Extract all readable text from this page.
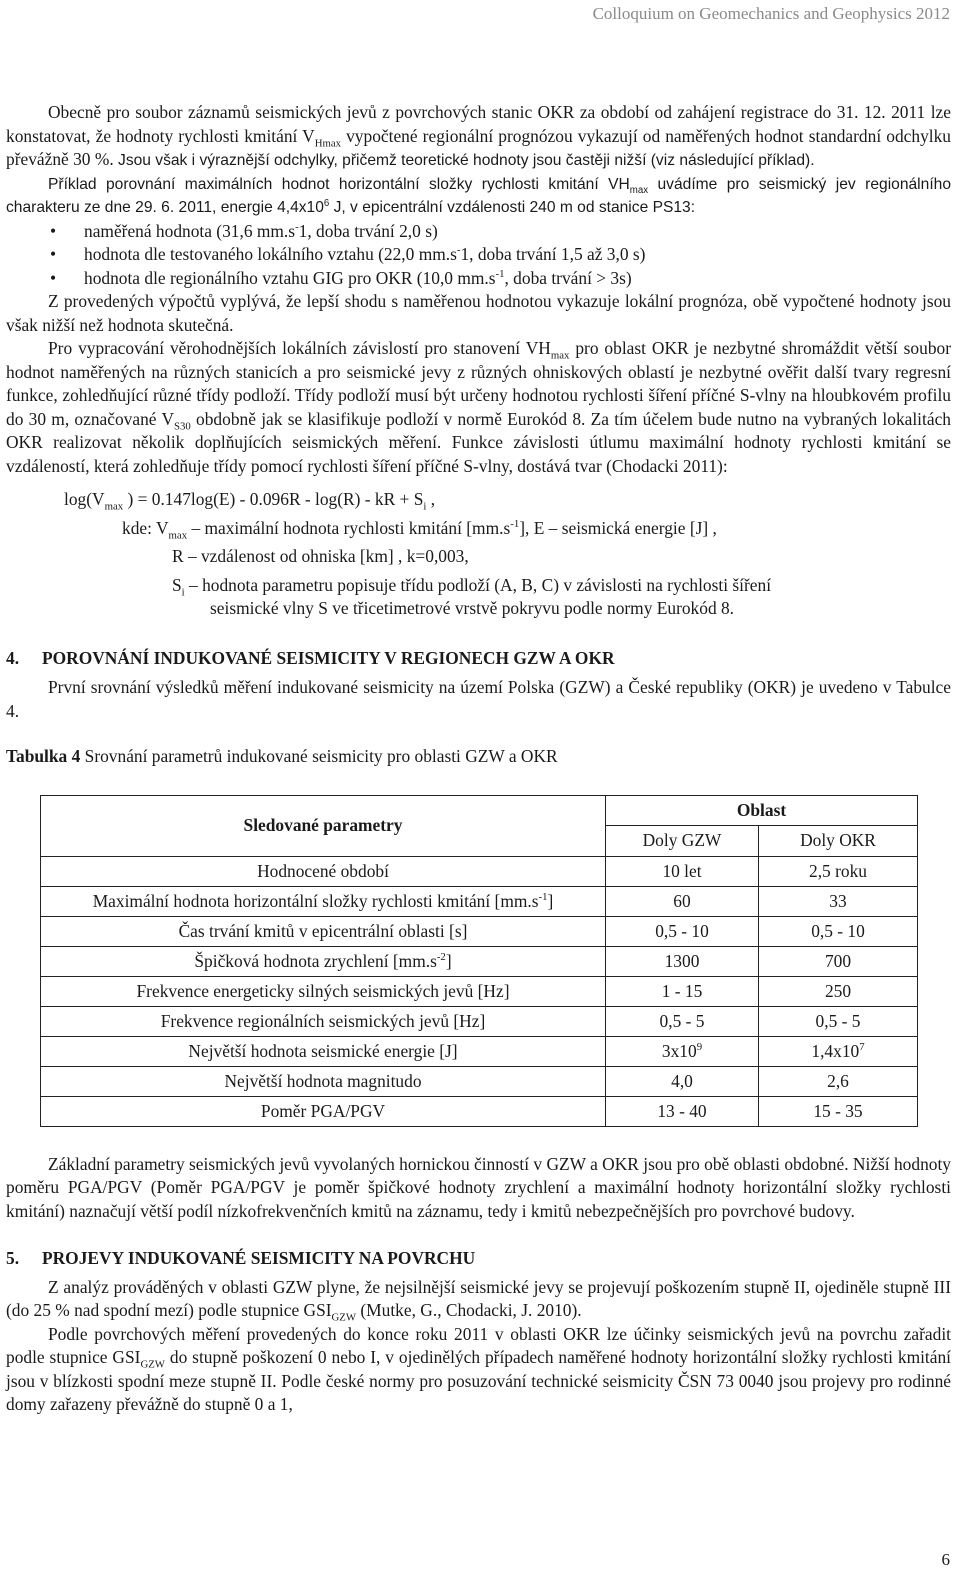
Colloquium on Geomechanics and Geophysics 2012

Obecně pro soubor záznamů seismických jevů z povrchových stanic OKR za období od zahájení registrace do 31. 12. 2011 lze konstatovat, že hodnoty rychlosti kmitání $V_{Hmax}$ vypočtené regionální prognózou vykazují od naměřených hodnot standardní odchylku převážně 30 %. Jsou však i výraznější odchylky, přičemž teoretické hodnoty jsou častěji nižší (viz následující příklad).

Příklad porovnání maximálních hodnot horizontální složky rychlosti kmitání $VH_{max}$ uvádíme pro seismický jev regionálního charakteru ze dne 29. 6. 2011, energie $4,4x10^6$ J, v epicentrální vzdálenosti 240 m od stanice PS13:

• naměřená hodnota (31,6 mm.s-1, doba trvání 2,0 s)
• hodnota dle testovaného lokálního vztahu (22,0 mm.s-1, doba trvání 1,5 až 3,0 s)
• hodnota dle regionálního vztahu GIG pro OKR (10,0 $mm.s^{-1}$, doba trvání > 3s)

Z provedených výpočtů vyplývá, že lepší shodu s naměřenou hodnotou vykazuje lokální prognóza, obě vypočtené hodnoty jsou však nižší než hodnota skutečná.

Pro vypracování věrohodnějších lokálních závislostí pro stanovení $VH_{max}$ pro oblast OKR je nezbytné shromáždit větší soubor hodnot naměřených na různých stanicích a pro seismické jevy z různých ohniskových oblastí je nezbytné ověřit další tvary regresní funkce, zohledňující různé třídy podloží. Třídy podloží musí být určeny hodnotou rychlosti šíření příčné S-vlny na hloubkovém profilu do 30 m, označované $V_{S30}$ obdobně jak se klasifikuje podloží v normě Eurokód 8. Za tím účelem bude nutno na vybraných lokalitách OKR realizovat několik doplňujících seismických měření. Funkce závislosti útlumu maximální hodnoty rychlosti kmitání se vzdáleností, která zohledňuje třídy pomocí rychlosti šíření příčné S-vlny, dostává tvar (Chodacki 2011):

$\log(V_{max}$ ) = 0.147log(E) - 0.096R - log(R) - kR + $S_i$ ,
kde: $V_{max}$ – maximální hodnota rychlosti kmitání $[mm.s^{-1}]$, E – seismická energie [J] ,
R – vzdálenost od ohniska [km] , k=0,003,
$S_i$ – hodnota parametru popisuje třídu podloží (A, B, C) v závislosti na rychlosti šíření
seismické vlny S ve třicetimetrové vrstvě pokryvu podle normy Eurokód 8.
4. POROVNÁNÍ INDUKOVANÉ SEISMICITY V REGIONECH GZW A OKR

První srovnání výsledků měření indukované seismicity na území Polska (GZW) a České republiky (OKR) je uvedeno v Tabulce 4.

Tabulka 4 Srovnání parametrů indukované seismicity pro oblasti GZW a OKR
Sledované parametry	Oblast	
	Doly GZW	Doly OKR
Hodnocené období	10 let	2,5 roku
Maximální hodnota horizontální složky rychlosti kmitání $[mm.s^{-1}]$	60	33
Čas trvání kmitů v epicentrální oblasti [s]	0,5 - 10	0,5 - 10
Špičková hodnota zrychlení $[mm.s^{-2}]$	1300	700
Frekvence energeticky silných seismických jevů [Hz]	1 - 15	250
Frekvence regionálních seismických jevů [Hz]	0,5 - 5	0,5 - 5
Největší hodnota seismické energie [J]	$3x10^9$	$1,4x10^7$
Největší hodnota magnitudo	4,0	2,6
Poměr PGA/PGV	13 - 40	15 - 35

Základní parametry seismických jevů vyvolaných hornickou činností v GZW a OKR jsou pro obě oblasti obdobné. Nižší hodnoty poměru PGA/PGV (Poměr PGA/PGV je poměr špičkové hodnoty zrychlení a maximální hodnoty horizontální složky rychlosti kmitání) naznačují větší podíl nízkofrekvenčních kmitů na záznamu, tedy i kmitů nebezpečnějších pro povrchové budovy.

5. PROJEVY INDUKOVANÉ SEISMICITY NA POVRCHU

Z analýz prováděných v oblasti GZW plyne, že nejsilnější seismické jevy se projevují poškozením stupně II, ojediněle stupně III (do 25 % nad spodní mezí) podle stupnice $GSI_{GZW}$ (Mutke, G., Chodacki, J. 2010).

Podle povrchových měření provedených do konce roku 2011 v oblasti OKR lze účinky seismických jevů na povrchu zařadit podle stupnice $GSI_{GZW}$ do stupně poškození 0 nebo I, v ojedinělých případech naměřené hodnoty horizontální složky rychlosti kmitání jsou v blízkosti spodní meze stupně II. Podle české normy pro posuzování technické seismicity ČSN 73 0040 jsou projevy pro rodinné domy zařazeny převážně do stupně 0 a 1,

6
